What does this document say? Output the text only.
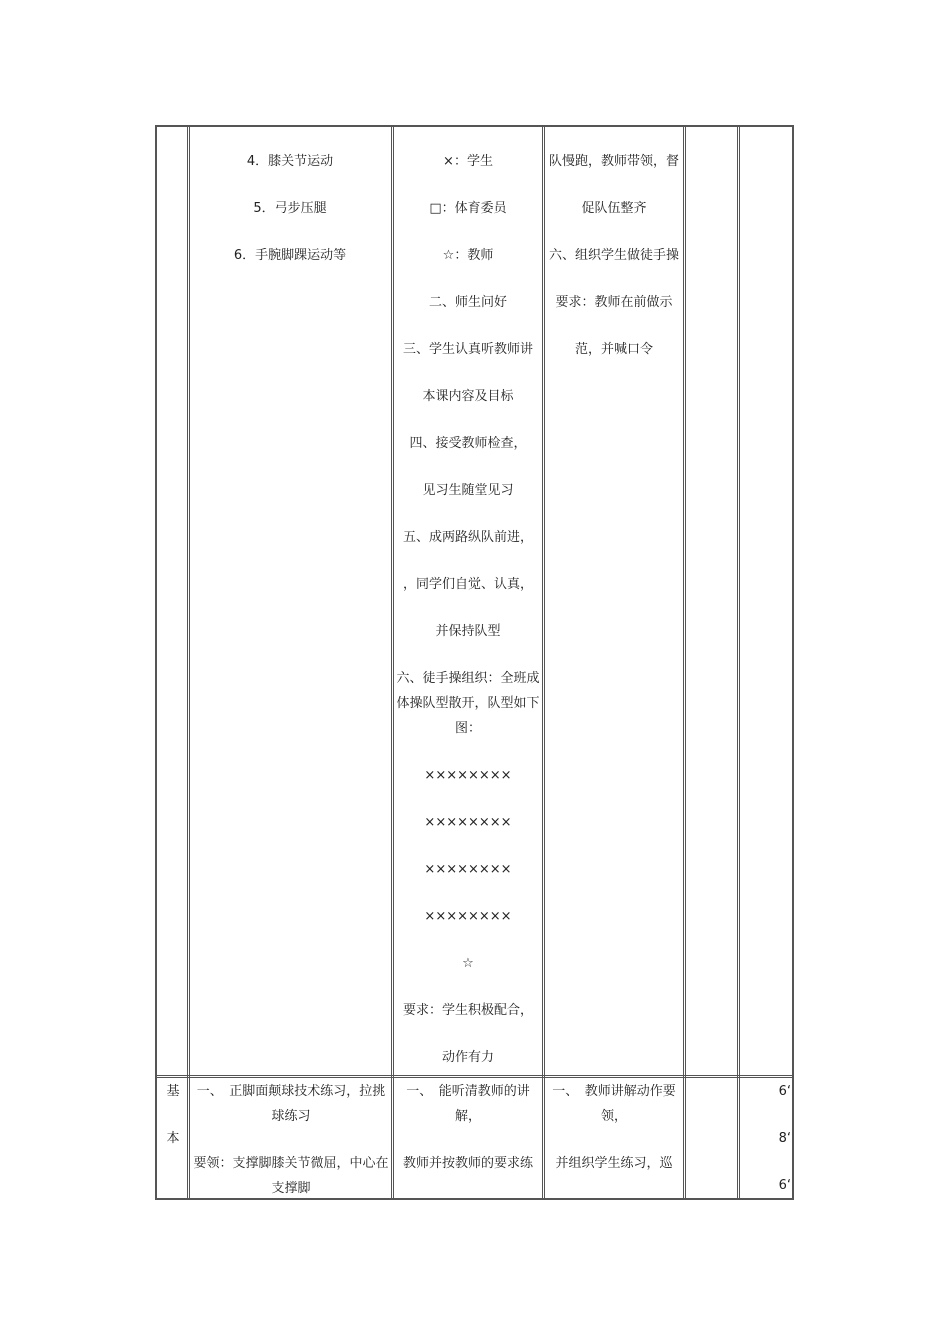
4．膝关节运动

5．弓步压腿

6．手腕脚踝运动等

×：学生

□：体育委员

☆：教师

二、师生问好

三、学生认真听教师讲

本课内容及目标

四、接受教师检查，

见习生随堂见习

五、成两路纵队前进，

，同学们自觉、认真，

并保持队型

六、徒手操组织：全班成体操队型散开，队型如下图：

××××××××

××××××××

××××××××

××××××××

☆

要求：学生积极配合，

动作有力

队慢跑，教师带领，督

促队伍整齐

六、组织学生做徒手操

要求：教师在前做示

范，并喊口令

基

本

一、　正脚面颠球技术练习，拉挑球练习

要领：支撑脚膝关节微屈，中心在支撑脚

一、　能听清教师的讲解，

教师并按教师的要求练

一、　教师讲解动作要领，

并组织学生练习，巡

6‘

8‘

6‘
